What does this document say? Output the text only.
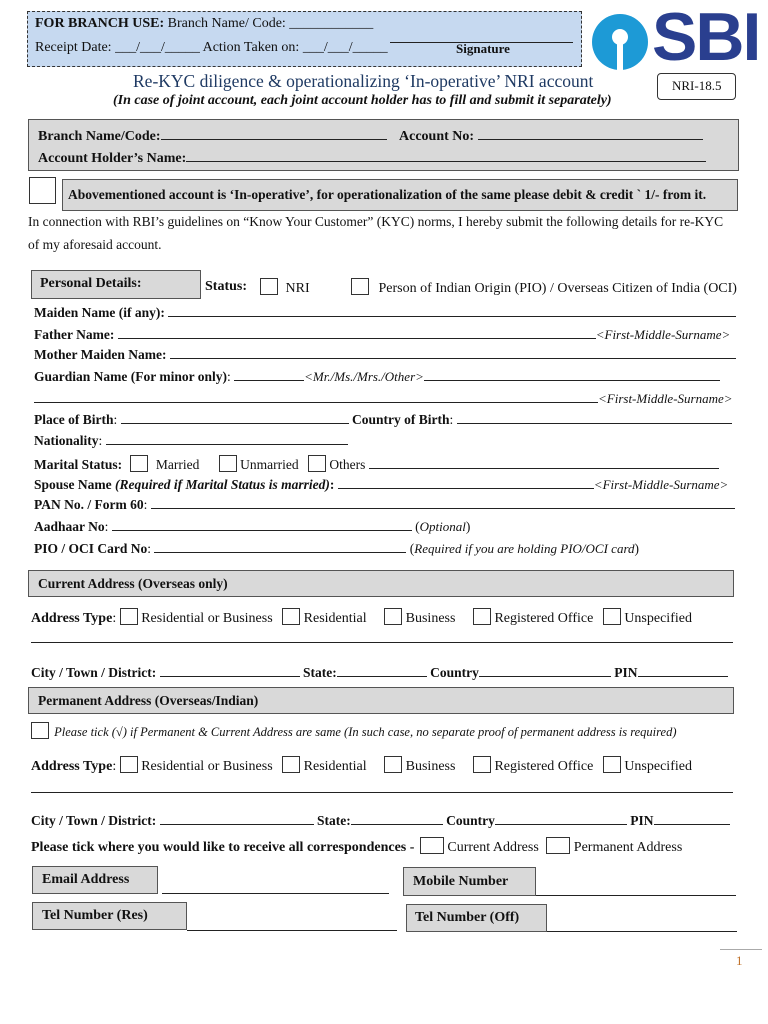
FOR BRANCH USE: Branch Name/ Code: ____________
Receipt Date: ___/___/_____ Action Taken on: ___/___/_____	Signature SBI
NRI-18.5
Re-KYC diligence & operationalizing ‘In-operative’ NRI account
(In case of joint account, each joint account holder has to fill and submit it separately)
Branch Name/Code:	Account No:
Account Holder’s Name:
Abovementioned account is ‘In-operative’, for operationalization of the same please debit & credit ` 1/- from it.
In connection with RBI’s guidelines on “Know Your Customer” (KYC) norms, I hereby submit the following details for re-KYC
of my aforesaid account.
Personal Details:	Status:	NRI	Person of Indian Origin (PIO) / Overseas Citizen of India (OCI)
Maiden Name (if any):
Father Name:	<First-Middle-Surname>
Mother Maiden Name:
Guardian Name (For minor only):	<Mr./Ms./Mrs./Other>
<First-Middle-Surname>
Place of Birth:	Country of Birth:
Nationality:
Marital Status:	Married	Unmarried Others
Spouse Name (Required if Marital Status is married):	<First-Middle-Surname>
PAN No. / Form 60:
Aadhaar No:	(Optional)
PIO / OCI Card No:	(Required if you are holding PIO/OCI card)
Current Address (Overseas only)
Address Type:  Residential or Business Residential	Business	Registered Office Unspecified
City / Town / District:	State:	Country	PIN
Permanent Address (Overseas/Indian)
Please tick (√) if Permanent & Current Address are same (In such case, no separate proof of permanent address is required)
Address Type:  Residential or Business Residential	Business	Registered Office Unspecified
City / Town / District:	State:	Country	PIN
Please tick where you would like to receive all correspondences - Current Address	Permanent Address
Email Address	Mobile Number
Tel Number (Res)	Tel Number (Off)
1
